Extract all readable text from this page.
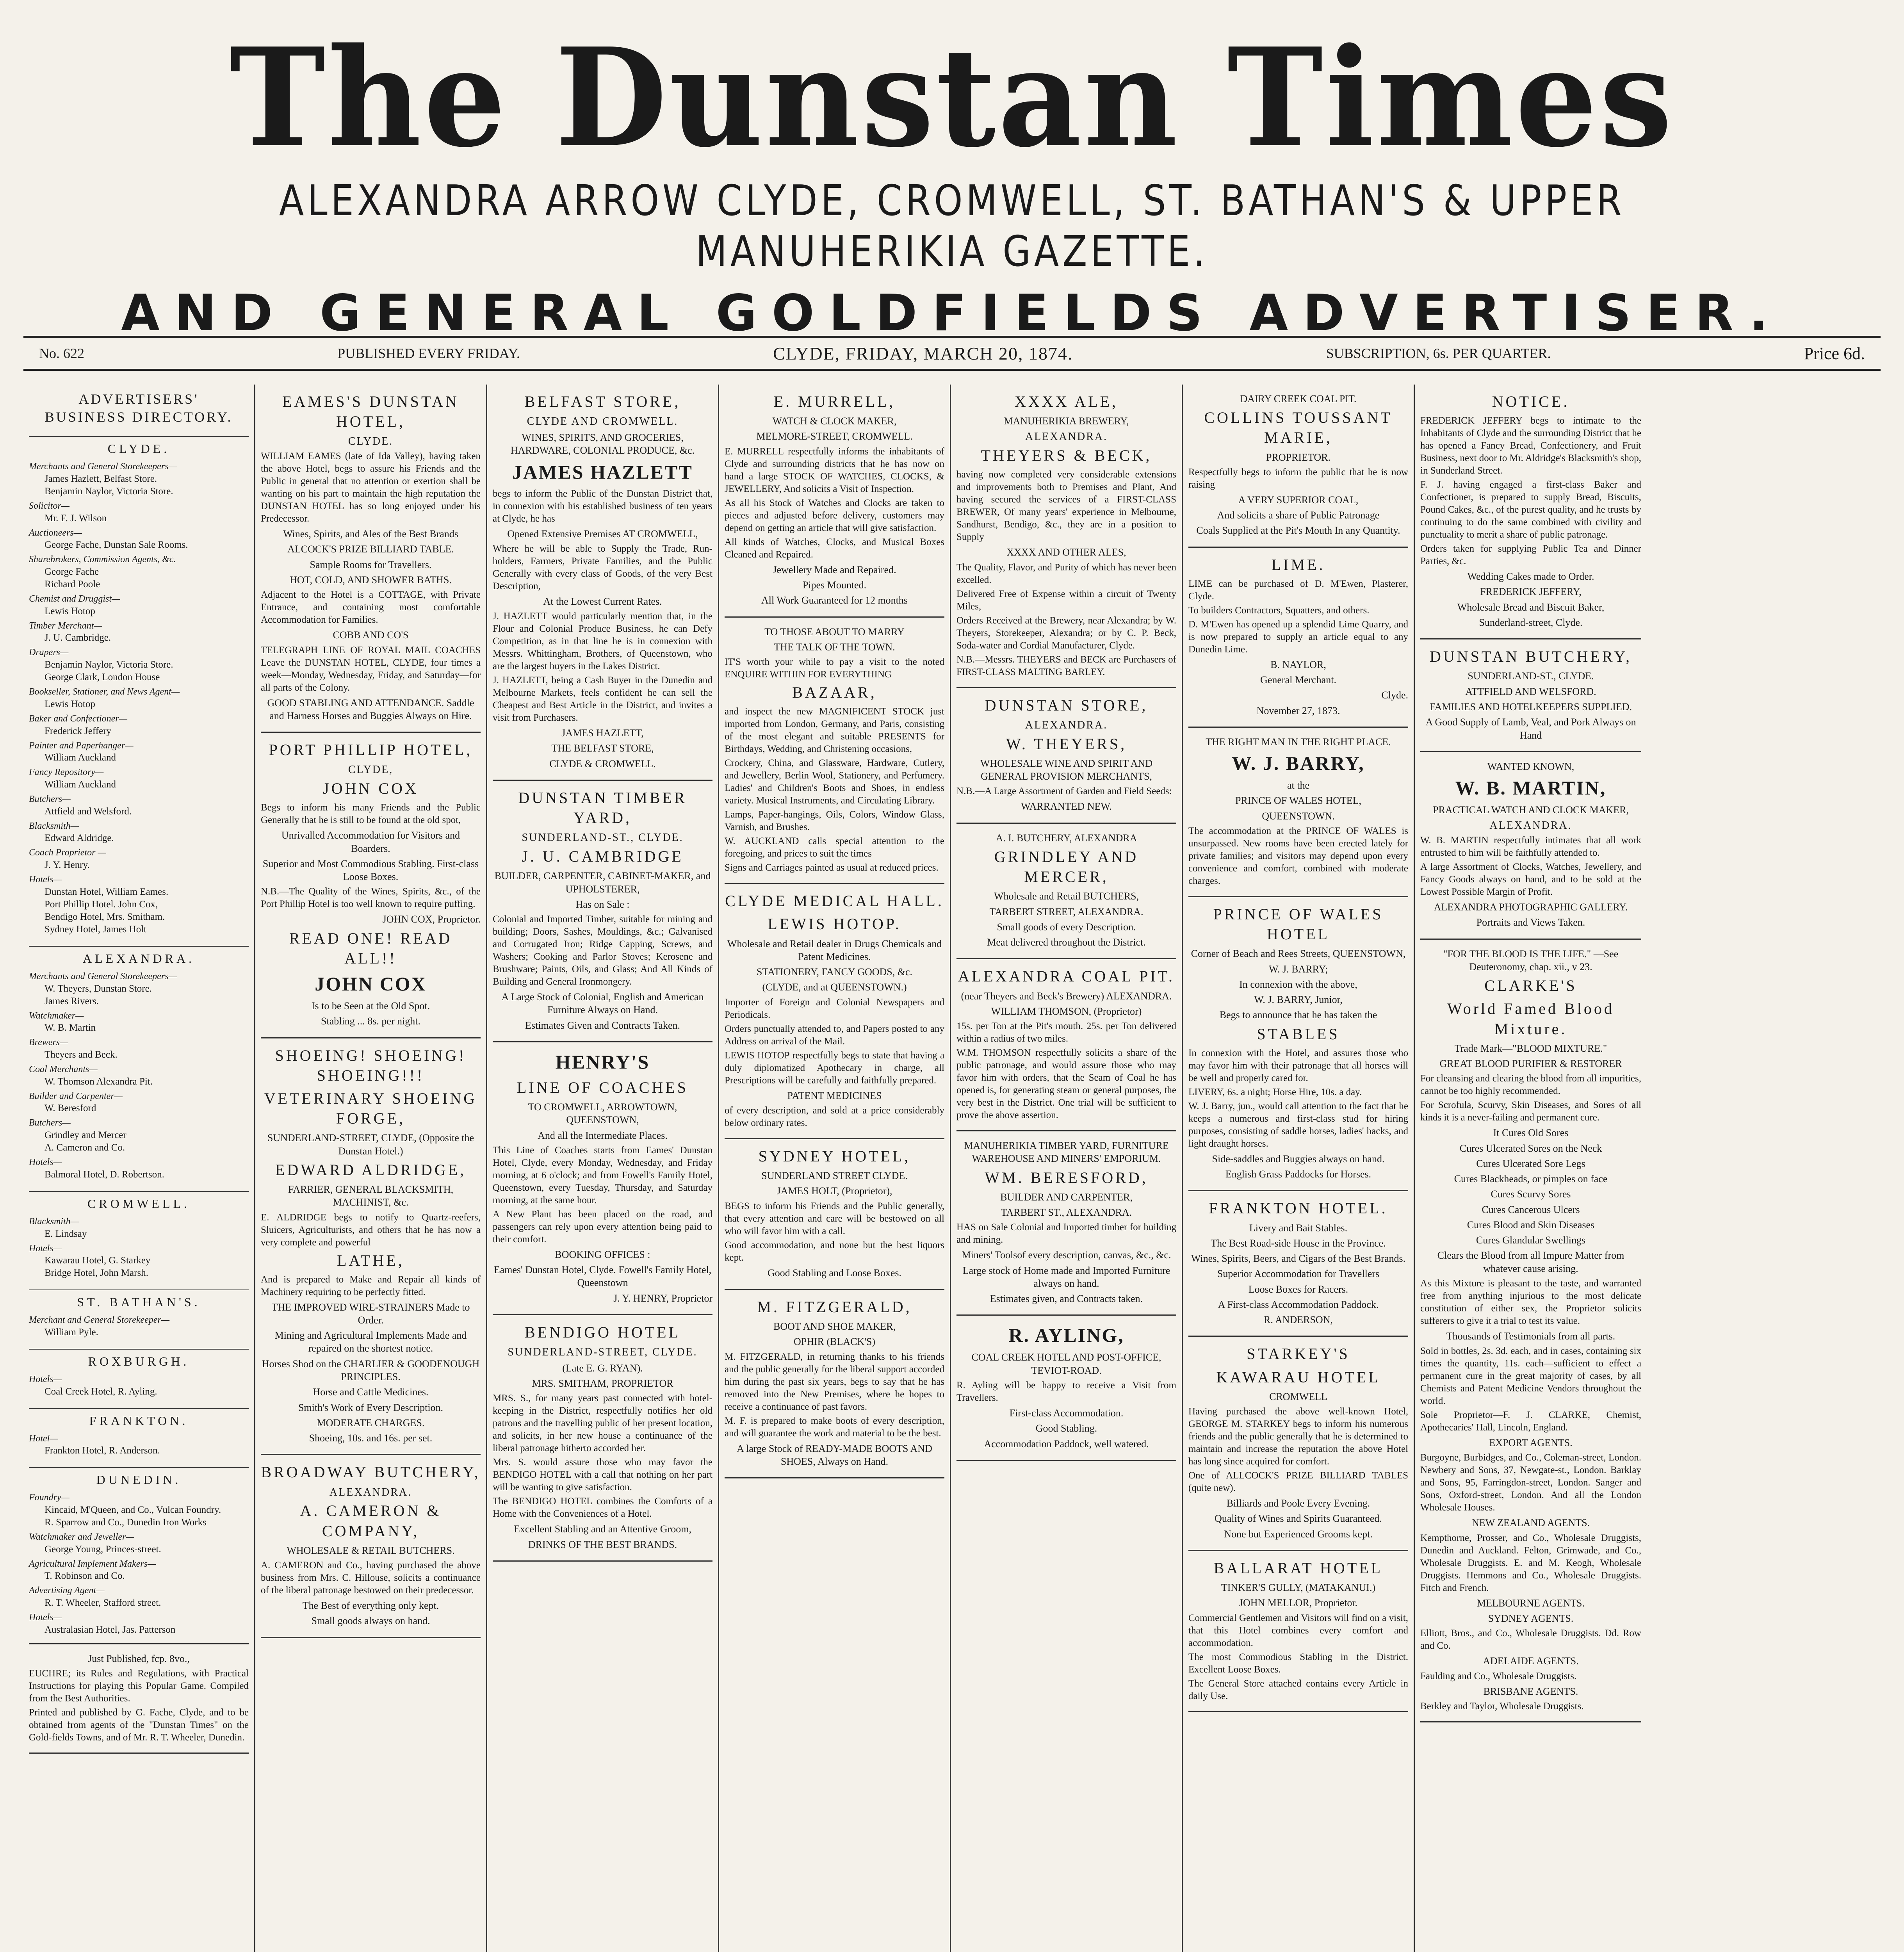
The Dunstan Times
ALEXANDRA ARROW CLYDE, CROMWELL, ST. BATHAN'S & UPPER MANUHERIKIA GAZETTE.
AND GENERAL GOLDFIELDS ADVERTISER.
No. 622	PUBLISHED EVERY FRIDAY.	CLYDE, FRIDAY, MARCH 20, 1874.	SUBSCRIPTION, 6s. PER QUARTER.	Price 6d.
ADVERTISERS'
BUSINESS DIRECTORY.
CLYDE.
Merchants and General Storekeepers—
James Hazlett, Belfast Store.
Benjamin Naylor, Victoria Store.
Solicitor—
Mr. F. J. Wilson
Auctioneers—
George Fache, Dunstan Sale Rooms.
Sharebrokers, Commission Agents, &c.
George Fache
Richard Poole
Chemist and Druggist—
Lewis Hotop
Timber Merchant—
J. U. Cambridge.
Drapers—
Benjamin Naylor, Victoria Store.
George Clark, London House
Bookseller, Stationer, and News Agent—
Lewis Hotop
Baker and Confectioner—
Frederick Jeffery
Painter and Paperhanger—
William Auckland
Fancy Repository—
William Auckland
Butchers—
Attfield and Welsford.
Blacksmith—
Edward Aldridge.
Coach Proprietor —
J. Y. Henry.
Hotels—
Dunstan Hotel, William Eames.
Port Phillip Hotel. John Cox,
Bendigo Hotel, Mrs. Smitham.
Sydney Hotel, James Holt
ALEXANDRA.
Merchants and General Storekeepers—
W. Theyers, Dunstan Store.
James Rivers.
Watchmaker—
W. B. Martin
Brewers—
Theyers and Beck.
Coal Merchants—
W. Thomson Alexandra Pit.
Builder and Carpenter—
W. Beresford
Butchers—
Grindley and Mercer
A. Cameron and Co.
Hotels—
Balmoral Hotel, D. Robertson.
CROMWELL.
Blacksmith—
E. Lindsay
Hotels—
Kawarau Hotel, G. Starkey
Bridge Hotel, John Marsh.
ST. BATHAN'S.
Merchant and General Storekeeper—
William Pyle.
ROXBURGH.
Hotels—
Coal Creek Hotel, R. Ayling.
FRANKTON.
Hotel—
Frankton Hotel, R. Anderson.
DUNEDIN.
Foundry—
Kincaid, M'Queen, and Co., Vulcan Foundry.
R. Sparrow and Co., Dunedin Iron Works
Watchmaker and Jeweller—
George Young, Princes-street.
Agricultural Implement Makers—
T. Robinson and Co.
Advertising Agent—
R. T. Wheeler, Stafford street.
Hotels—
Australasian Hotel, Jas. Patterson
Just Published, fcp. 8vo.,
EUCHRE; its Rules and Regulations, with Practical Instructions for playing this Popular Game. Compiled from the Best Authorities.
Printed and published by G. Fache, Clyde, and to be obtained from agents of the "Dunstan Times" on the Gold-fields Towns, and of Mr. R. T. Wheeler, Dunedin.
EAMES'S DUNSTAN HOTEL,
CLYDE.
WILLIAM EAMES (late of Ida Valley), having taken the above Hotel, begs to assure his Friends and the Public in general that no attention or exertion shall be wanting on his part to maintain the high reputation the DUNSTAN HOTEL has so long enjoyed under his Predecessor.
Wines, Spirits, and Ales of the Best Brands
ALCOCK'S PRIZE BILLIARD TABLE.
Sample Rooms for Travellers.
HOT, COLD, AND SHOWER BATHS.
Adjacent to the Hotel is a COTTAGE, with Private Entrance, and containing most comfortable Accommodation for Families.
COBB AND CO'S
TELEGRAPH LINE OF ROYAL MAIL COACHES Leave the DUNSTAN HOTEL, CLYDE, four times a week—Monday, Wednesday, Friday, and Saturday—for all parts of the Colony.
GOOD STABLING AND ATTENDANCE. Saddle and Harness Horses and Buggies Always on Hire.
PORT PHILLIP HOTEL,
CLYDE,
JOHN COX
Begs to inform his many Friends and the Public Generally that he is still to be found at the old spot,
Unrivalled Accommodation for Visitors and Boarders.
Superior and Most Commodious Stabling. First-class Loose Boxes.
N.B.—The Quality of the Wines, Spirits, &c., of the Port Phillip Hotel is too well known to require puffing.
JOHN COX, Proprietor.
READ ONE! READ ALL!!
JOHN COX
Is to be Seen at the Old Spot.
Stabling ... 8s. per night.
SHOEING! SHOEING! SHOEING!!!
VETERINARY SHOEING FORGE,
SUNDERLAND-STREET, CLYDE, (Opposite the Dunstan Hotel.)
EDWARD ALDRIDGE,
FARRIER, GENERAL BLACKSMITH, MACHINIST, &c.
E. ALDRIDGE begs to notify to Quartz-reefers, Sluicers, Agriculturists, and others that he has now a very complete and powerful
LATHE,
And is prepared to Make and Repair all kinds of Machinery requiring to be perfectly fitted.
THE IMPROVED WIRE-STRAINERS Made to Order.
Mining and Agricultural Implements Made and repaired on the shortest notice.
Horses Shod on the CHARLIER & GOODENOUGH PRINCIPLES.
Horse and Cattle Medicines.
Smith's Work of Every Description.
MODERATE CHARGES.
Shoeing, 10s. and 16s. per set.
BROADWAY BUTCHERY,
ALEXANDRA.
A. CAMERON & COMPANY,
WHOLESALE & RETAIL BUTCHERS.
A. CAMERON and Co., having purchased the above business from Mrs. C. Hillouse, solicits a continuance of the liberal patronage bestowed on their predecessor.
The Best of everything only kept.
Small goods always on hand.
BELFAST STORE,
CLYDE AND CROMWELL.
WINES, SPIRITS, AND GROCERIES, HARDWARE, COLONIAL PRODUCE, &c.
JAMES HAZLETT
begs to inform the Public of the Dunstan District that, in connexion with his established business of ten years at Clyde, he has
Opened Extensive Premises AT CROMWELL,
Where he will be able to Supply the Trade, Run-holders, Farmers, Private Families, and the Public Generally with every class of Goods, of the very Best Description,
At the Lowest Current Rates.
J. HAZLETT would particularly mention that, in the Flour and Colonial Produce Business, he can Defy Competition, as in that line he is in connexion with Messrs. Whittingham, Brothers, of Queenstown, who are the largest buyers in the Lakes District.
J. HAZLETT, being a Cash Buyer in the Dunedin and Melbourne Markets, feels confident he can sell the Cheapest and Best Article in the District, and invites a visit from Purchasers.
JAMES HAZLETT,
THE BELFAST STORE,
CLYDE & CROMWELL.
DUNSTAN TIMBER YARD,
SUNDERLAND-ST., CLYDE.
J. U. CAMBRIDGE
BUILDER, CARPENTER, CABINET-MAKER, and UPHOLSTERER,
Has on Sale :
Colonial and Imported Timber, suitable for mining and building; Doors, Sashes, Mouldings, &c.; Galvanised and Corrugated Iron; Ridge Capping, Screws, and Washers; Cooking and Parlor Stoves; Kerosene and Brushware; Paints, Oils, and Glass; And All Kinds of Building and General Ironmongery.
A Large Stock of Colonial, English and American Furniture Always on Hand.
Estimates Given and Contracts Taken.
HENRY'S
LINE OF COACHES
TO CROMWELL, ARROWTOWN, QUEENSTOWN,
And all the Intermediate Places.
This Line of Coaches starts from Eames' Dunstan Hotel, Clyde, every Monday, Wednesday, and Friday morning, at 6 o'clock; and from Fowell's Family Hotel, Queenstown, every Tuesday, Thursday, and Saturday morning, at the same hour.
A New Plant has been placed on the road, and passengers can rely upon every attention being paid to their comfort.
BOOKING OFFICES :
Eames' Dunstan Hotel, Clyde. Fowell's Family Hotel, Queenstown
J. Y. HENRY, Proprietor
BENDIGO HOTEL
SUNDERLAND-STREET, CLYDE.
(Late E. G. RYAN).
MRS. SMITHAM, PROPRIETOR
MRS. S., for many years past connected with hotel-keeping in the District, respectfully notifies her old patrons and the travelling public of her present location, and solicits, in her new house a continuance of the liberal patronage hitherto accorded her.
Mrs. S. would assure those who may favor the BENDIGO HOTEL with a call that nothing on her part will be wanting to give satisfaction.
The BENDIGO HOTEL combines the Comforts of a Home with the Conveniences of a Hotel.
Excellent Stabling and an Attentive Groom,
DRINKS OF THE BEST BRANDS.
E. MURRELL,
WATCH & CLOCK MAKER,
MELMORE-STREET, CROMWELL.
E. MURRELL respectfully informs the inhabitants of Clyde and surrounding districts that he has now on hand a large STOCK OF WATCHES, CLOCKS, & JEWELLERY, And solicits a Visit of Inspection.
As all his Stock of Watches and Clocks are taken to pieces and adjusted before delivery, customers may depend on getting an article that will give satisfaction.
All kinds of Watches, Clocks, and Musical Boxes Cleaned and Repaired.
Jewellery Made and Repaired.
Pipes Mounted.
All Work Guaranteed for 12 months
TO THOSE ABOUT TO MARRY
THE TALK OF THE TOWN.
IT'S worth your while to pay a visit to the noted ENQUIRE WITHIN FOR EVERYTHING
BAZAAR,
and inspect the new MAGNIFICENT STOCK just imported from London, Germany, and Paris, consisting of the most elegant and suitable PRESENTS for Birthdays, Wedding, and Christening occasions,
Crockery, China, and Glassware, Hardware, Cutlery, and Jewellery, Berlin Wool, Stationery, and Perfumery. Ladies' and Children's Boots and Shoes, in endless variety. Musical Instruments, and Circulating Library.
Lamps, Paper-hangings, Oils, Colors, Window Glass, Varnish, and Brushes.
W. AUCKLAND calls special attention to the foregoing, and prices to suit the times
Signs and Carriages painted as usual at reduced prices.
CLYDE MEDICAL HALL.
LEWIS HOTOP.
Wholesale and Retail dealer in Drugs Chemicals and Patent Medicines.
STATIONERY, FANCY GOODS, &c.
(CLYDE, and at QUEENSTOWN.)
Importer of Foreign and Colonial Newspapers and Periodicals.
Orders punctually attended to, and Papers posted to any Address on arrival of the Mail.
LEWIS HOTOP respectfully begs to state that having a duly diplomatized Apothecary in charge, all Prescriptions will be carefully and faithfully prepared.
PATENT MEDICINES
of every description, and sold at a price considerably below ordinary rates.
SYDNEY HOTEL,
SUNDERLAND STREET CLYDE.
JAMES HOLT, (Proprietor),
BEGS to inform his Friends and the Public generally, that every attention and care will be bestowed on all who will favor him with a call.
Good accommodation, and none but the best liquors kept.
Good Stabling and Loose Boxes.
M. FITZGERALD,
BOOT AND SHOE MAKER,
OPHIR (BLACK'S)
M. FITZGERALD, in returning thanks to his friends and the public generally for the liberal support accorded him during the past six years, begs to say that he has removed into the New Premises, where he hopes to receive a continuance of past favors.
M. F. is prepared to make boots of every description, and will guarantee the work and material to be the best.
A large Stock of READY-MADE BOOTS AND SHOES, Always on Hand.
XXXX ALE,
MANUHERIKIA BREWERY,
ALEXANDRA.
THEYERS & BECK,
having now completed very considerable extensions and improvements both to Premises and Plant, And having secured the services of a FIRST-CLASS BREWER, Of many years' experience in Melbourne, Sandhurst, Bendigo, &c., they are in a position to Supply
XXXX AND OTHER ALES,
The Quality, Flavor, and Purity of which has never been excelled.
Delivered Free of Expense within a circuit of Twenty Miles,
Orders Received at the Brewery, near Alexandra; by W. Theyers, Storekeeper, Alexandra; or by C. P. Beck, Soda-water and Cordial Manufacturer, Clyde.
N.B.—Messrs. THEYERS and BECK are Purchasers of FIRST-CLASS MALTING BARLEY.
DUNSTAN STORE,
ALEXANDRA.
W. THEYERS,
WHOLESALE WINE AND SPIRIT AND GENERAL PROVISION MERCHANTS,
N.B.—A Large Assortment of Garden and Field Seeds:
WARRANTED NEW.
A. I. BUTCHERY, ALEXANDRA
GRINDLEY AND MERCER,
Wholesale and Retail BUTCHERS,
TARBERT STREET, ALEXANDRA.
Small goods of every Description.
Meat delivered throughout the District.
ALEXANDRA COAL PIT.
(near Theyers and Beck's Brewery) ALEXANDRA.
WILLIAM THOMSON, (Proprietor)
15s. per Ton at the Pit's mouth. 25s. per Ton delivered within a radius of two miles.
W.M. THOMSON respectfully solicits a share of the public patronage, and would assure those who may favor him with orders, that the Seam of Coal he has opened is, for generating steam or general purposes, the very best in the District. One trial will be sufficient to prove the above assertion.
MANUHERIKIA TIMBER YARD, FURNITURE WAREHOUSE AND MINERS' EMPORIUM.
WM. BERESFORD,
BUILDER AND CARPENTER,
TARBERT ST., ALEXANDRA.
HAS on Sale Colonial and Imported timber for building and mining.
Miners' Toolsof every description, canvas, &c., &c.
Large stock of Home made and Imported Furniture always on hand.
Estimates given, and Contracts taken.
R. AYLING,
COAL CREEK HOTEL AND POST-OFFICE, TEVIOT-ROAD.
R. Ayling will be happy to receive a Visit from Travellers.
First-class Accommodation.
Good Stabling.
Accommodation Paddock, well watered.
DAIRY CREEK COAL PIT.
COLLINS TOUSSANT MARIE,
PROPRIETOR.
Respectfully begs to inform the public that he is now raising
A VERY SUPERIOR COAL,
And solicits a share of Public Patronage
Coals Supplied at the Pit's Mouth In any Quantity.
LIME.
LIME can be purchased of D. M'Ewen, Plasterer, Clyde.
To builders Contractors, Squatters, and others.
D. M'Ewen has opened up a splendid Lime Quarry, and is now prepared to supply an article equal to any Dunedin Lime.
B. NAYLOR,
General Merchant.
Clyde.
November 27, 1873.
THE RIGHT MAN IN THE RIGHT PLACE.
W. J. BARRY,
at the
PRINCE OF WALES HOTEL,
QUEENSTOWN.
The accommodation at the PRINCE OF WALES is unsurpassed. New rooms have been erected lately for private families; and visitors may depend upon every convenience and comfort, combined with moderate charges.
PRINCE OF WALES HOTEL
Corner of Beach and Rees Streets, QUEENSTOWN,
W. J. BARRY;
In connexion with the above,
W. J. BARRY, Junior,
Begs to announce that he has taken the
STABLES
In connexion with the Hotel, and assures those who may favor him with their patronage that all horses will be well and properly cared for.
LIVERY, 6s. a night; Horse Hire, 10s. a day.
W. J. Barry, jun., would call attention to the fact that he keeps a numerous and first-class stud for hiring purposes, consisting of saddle horses, ladies' hacks, and light draught horses.
Side-saddles and Buggies always on hand.
English Grass Paddocks for Horses.
FRANKTON HOTEL.
Livery and Bait Stables.
The Best Road-side House in the Province.
Wines, Spirits, Beers, and Cigars of the Best Brands.
Superior Accommodation for Travellers
Loose Boxes for Racers.
A First-class Accommodation Paddock.
R. ANDERSON,
STARKEY'S
KAWARAU HOTEL
CROMWELL
Having purchased the above well-known Hotel, GEORGE M. STARKEY begs to inform his numerous friends and the public generally that he is determined to maintain and increase the reputation the above Hotel has long since acquired for comfort.
One of ALLCOCK'S PRIZE BILLIARD TABLES (quite new).
Billiards and Poole Every Evening.
Quality of Wines and Spirits Guaranteed.
None but Experienced Grooms kept.
BALLARAT HOTEL
TINKER'S GULLY, (MATAKANUI.)
JOHN MELLOR, Proprietor.
Commercial Gentlemen and Visitors will find on a visit, that this Hotel combines every comfort and accommodation.
The most Commodious Stabling in the District. Excellent Loose Boxes.
The General Store attached contains every Article in daily Use.
NOTICE.
FREDERICK JEFFERY begs to intimate to the Inhabitants of Clyde and the surrounding District that he has opened a Fancy Bread, Confectionery, and Fruit Business, next door to Mr. Aldridge's Blacksmith's shop, in Sunderland Street.
F. J. having engaged a first-class Baker and Confectioner, is prepared to supply Bread, Biscuits, Pound Cakes, &c., of the purest quality, and he trusts by continuing to do the same combined with civility and punctuality to merit a share of public patronage.
Orders taken for supplying Public Tea and Dinner Parties, &c.
Wedding Cakes made to Order.
FREDERICK JEFFERY,
Wholesale Bread and Biscuit Baker,
Sunderland-street, Clyde.
DUNSTAN BUTCHERY,
SUNDERLAND-ST., CLYDE.
ATTFIELD AND WELSFORD.
FAMILIES AND HOTELKEEPERS SUPPLIED.
A Good Supply of Lamb, Veal, and Pork Always on Hand
WANTED KNOWN,
W. B. MARTIN,
PRACTICAL WATCH AND CLOCK MAKER,
ALEXANDRA.
W. B. MARTIN respectfully intimates that all work entrusted to him will be faithfully attended to.
A large Assortment of Clocks, Watches, Jewellery, and Fancy Goods always on hand, and to be sold at the Lowest Possible Margin of Profit.
ALEXANDRA PHOTOGRAPHIC GALLERY.
Portraits and Views Taken.
"FOR THE BLOOD IS THE LIFE." —See Deuteronomy, chap. xii., v 23.
CLARKE'S
World Famed Blood Mixture.
Trade Mark—"BLOOD MIXTURE."
GREAT BLOOD PURIFIER & RESTORER
For cleansing and clearing the blood from all impurities, cannot be too highly recommended.
For Scrofula, Scurvy, Skin Diseases, and Sores of all kinds it is a never-failing and permanent cure.
It Cures Old Sores
Cures Ulcerated Sores on the Neck
Cures Ulcerated Sore Legs
Cures Blackheads, or pimples on face
Cures Scurvy Sores
Cures Cancerous Ulcers
Cures Blood and Skin Diseases
Cures Glandular Swellings
Clears the Blood from all Impure Matter from whatever cause arising.
As this Mixture is pleasant to the taste, and warranted free from anything injurious to the most delicate constitution of either sex, the Proprietor solicits sufferers to give it a trial to test its value.
Thousands of Testimonials from all parts.
Sold in bottles, 2s. 3d. each, and in cases, containing six times the quantity, 11s. each—sufficient to effect a permanent cure in the great majority of cases, by all Chemists and Patent Medicine Vendors throughout the world.
Sole Proprietor—F. J. CLARKE, Chemist, Apothecaries' Hall, Lincoln, England.
EXPORT AGENTS.
Burgoyne, Burbidges, and Co., Coleman-street, London. Newbery and Sons, 37, Newgate-st., London. Barklay and Sons, 95, Farringdon-street, London. Sanger and Sons, Oxford-street, London. And all the London Wholesale Houses.
NEW ZEALAND AGENTS.
Kempthorne, Prosser, and Co., Wholesale Druggists, Dunedin and Auckland. Felton, Grimwade, and Co., Wholesale Druggists. E. and M. Keogh, Wholesale Druggists. Hemmons and Co., Wholesale Druggists. Fitch and French.
MELBOURNE AGENTS.
SYDNEY AGENTS.
Elliott, Bros., and Co., Wholesale Druggists. Dd. Row and Co.
ADELAIDE AGENTS.
Faulding and Co., Wholesale Druggists.
BRISBANE AGENTS.
Berkley and Taylor, Wholesale Druggists.
